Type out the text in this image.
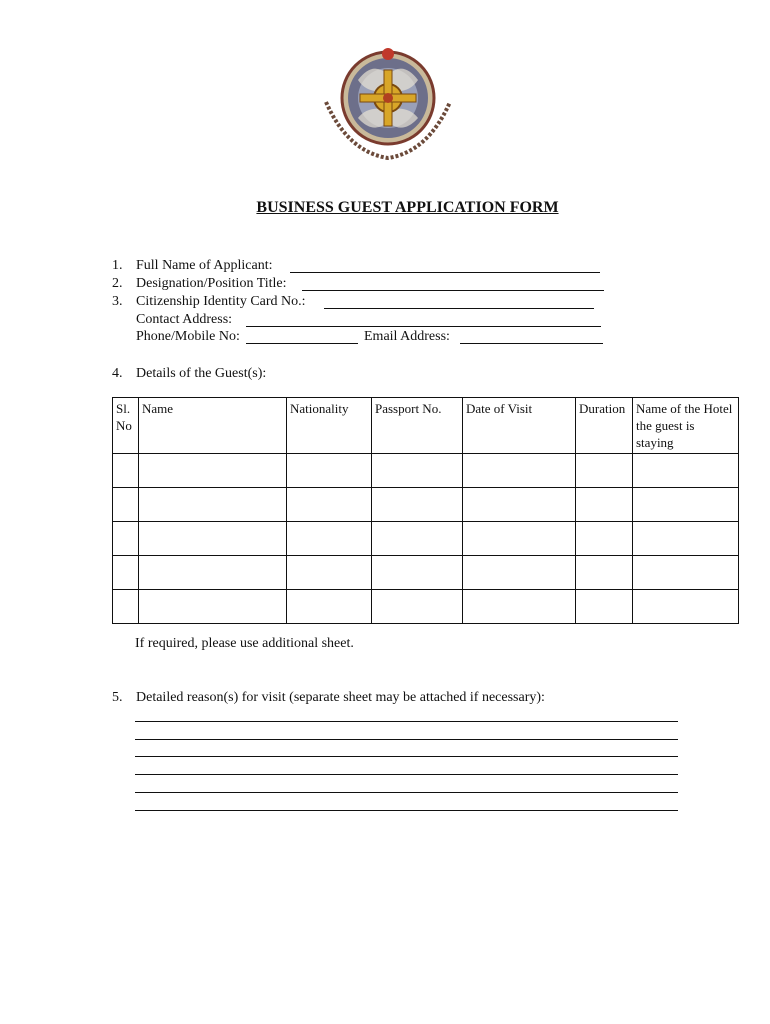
BUSINESS GUEST APPLICATION FORM
1. Full Name of Applicant:
2. Designation/Position Title:
3. Citizenship Identity Card No.:
Contact Address:
Phone/Mobile No:	Email Address:
4. Details of the Guest(s):
Sl. No	Name	Nationality	Passport No.	Date of Visit	Duration	Name of the Hotel the guest is staying

If required, please use additional sheet.
5. Detailed reason(s) for visit (separate sheet may be attached if necessary):
